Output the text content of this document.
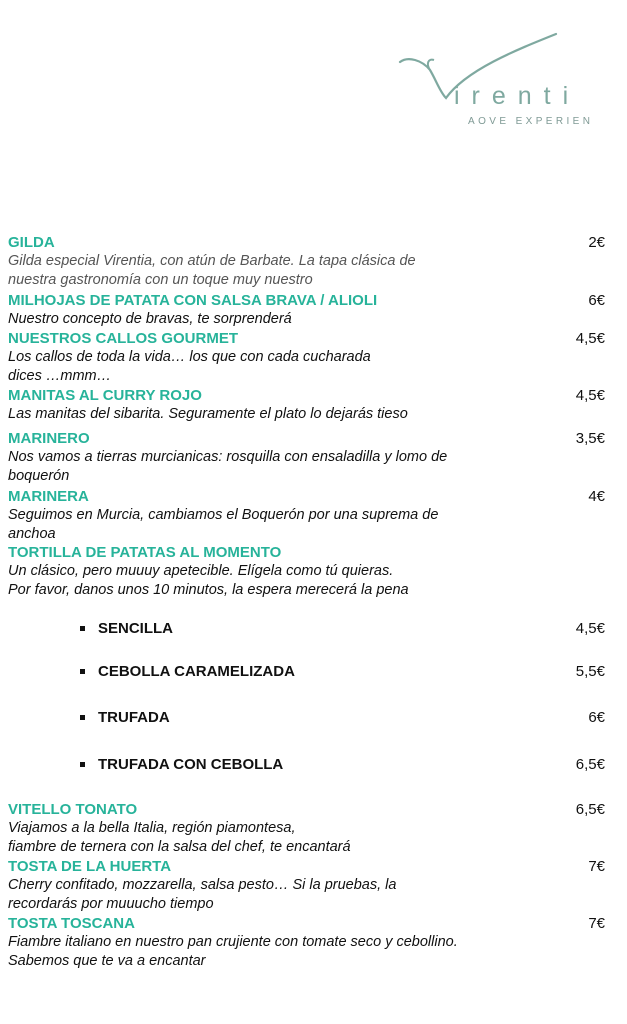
irenti
AOVE EXPERIEN
GILDA	2€
Gilda especial Virentia, con atún de Barbate. La tapa clásica de
nuestra gastronomía con un toque muy nuestro
MILHOJAS DE PATATA CON SALSA BRAVA / ALIOLI	6€
Nuestro concepto de bravas, te sorprenderá
NUESTROS CALLOS GOURMET	4,5€
Los callos de toda la vida… los que con cada cucharada
dices …mmm…
MANITAS AL CURRY ROJO	4,5€
Las manitas del sibarita. Seguramente el plato lo dejarás tieso
MARINERO	3,5€
Nos vamos a tierras murcianicas: rosquilla con ensaladilla y lomo de
boquerón
MARINERA	4€
Seguimos en Murcia, cambiamos el Boquerón por una suprema de
anchoa
TORTILLA DE PATATAS AL MOMENTO
Un clásico, pero muuuy apetecible. Elígela como tú quieras.
Por favor, danos unos 10 minutos, la espera merecerá la pena
SENCILLA	4,5€
CEBOLLA CARAMELIZADA	5,5€
TRUFADA	6€
TRUFADA CON CEBOLLA	6,5€
VITELLO TONATO	6,5€
Viajamos a la bella Italia, región piamontesa,
fiambre de ternera con la salsa del chef, te encantará
TOSTA DE LA HUERTA	7€
Cherry confitado, mozzarella, salsa pesto… Si la pruebas, la
recordarás por muuucho tiempo
TOSTA TOSCANA	7€
Fiambre italiano en nuestro pan crujiente con tomate seco y cebollino.
Sabemos que te va a encantar
